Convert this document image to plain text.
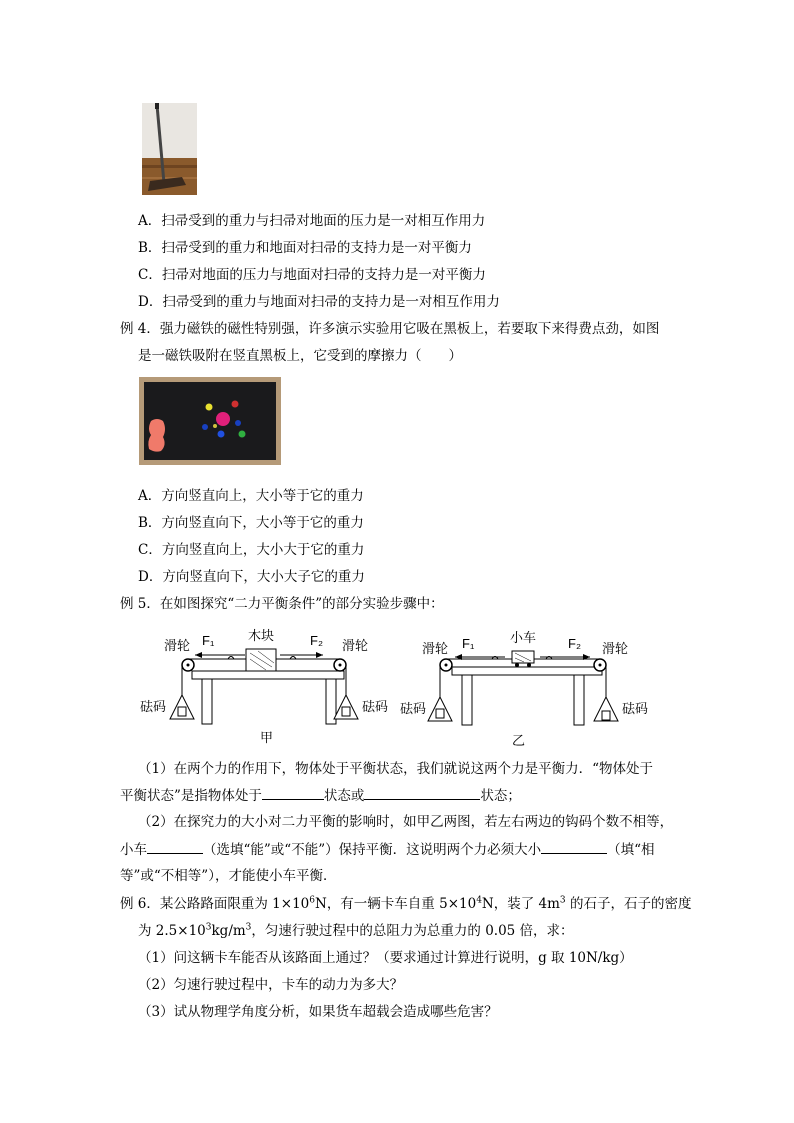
A．扫帚受到的重力与扫帚对地面的压力是一对相互作用力
B．扫帚受到的重力和地面对扫帚的支持力是一对平衡力
C．扫帚对地面的压力与地面对扫帚的支持力是一对平衡力
D．扫帚受到的重力与地面对扫帚的支持力是一对相互作用力
例 4．强力磁铁的磁性特别强，许多演示实验用它吸在黑板上，若要取下来得费点劲，如图
是一磁铁吸附在竖直黑板上，它受到的摩擦力（　　）
A．方向竖直向上，大小等于它的重力
B．方向竖直向下，大小等于它的重力
C．方向竖直向上，大小大于它的重力
D．方向竖直向下，大小大子它的重力
例 5．在如图探究“二力平衡条件”的部分实验步骤中：
滑轮 F₁	木块	F₂ 滑轮
砝码	砝码
甲
滑轮 F₁	小车 F₂ 滑轮
砝码	砝码
乙
（1）在两个力的作用下，物体处于平衡状态，我们就说这两个力是平衡力．“物体处于
平衡状态”是指物体处于	状态或	状态；
（2）在探究力的大小对二力平衡的影响时，如甲乙两图，若左右两边的钩码个数不相等，
小车	（选填“能”或“不能”）保持平衡．这说明两个力必须大小	（填“相
等”或“不相等”），才能使小车平衡．
例 6．某公路路面限重为 $1\times 10^6N$，有一辆卡车自重 $5\times 10^4N$，装了 $4m^3$ 的石子，石子的密度
为 $2.5\times 10^3kg/m^3$，匀速行驶过程中的总阻力为总重力的 0.05 倍，求：
（1）问这辆卡车能否从该路面上通过？（要求通过计算进行说明，g 取 10N/kg）
（2）匀速行驶过程中，卡车的动力为多大？
（3）试从物理学角度分析，如果货车超载会造成哪些危害？
